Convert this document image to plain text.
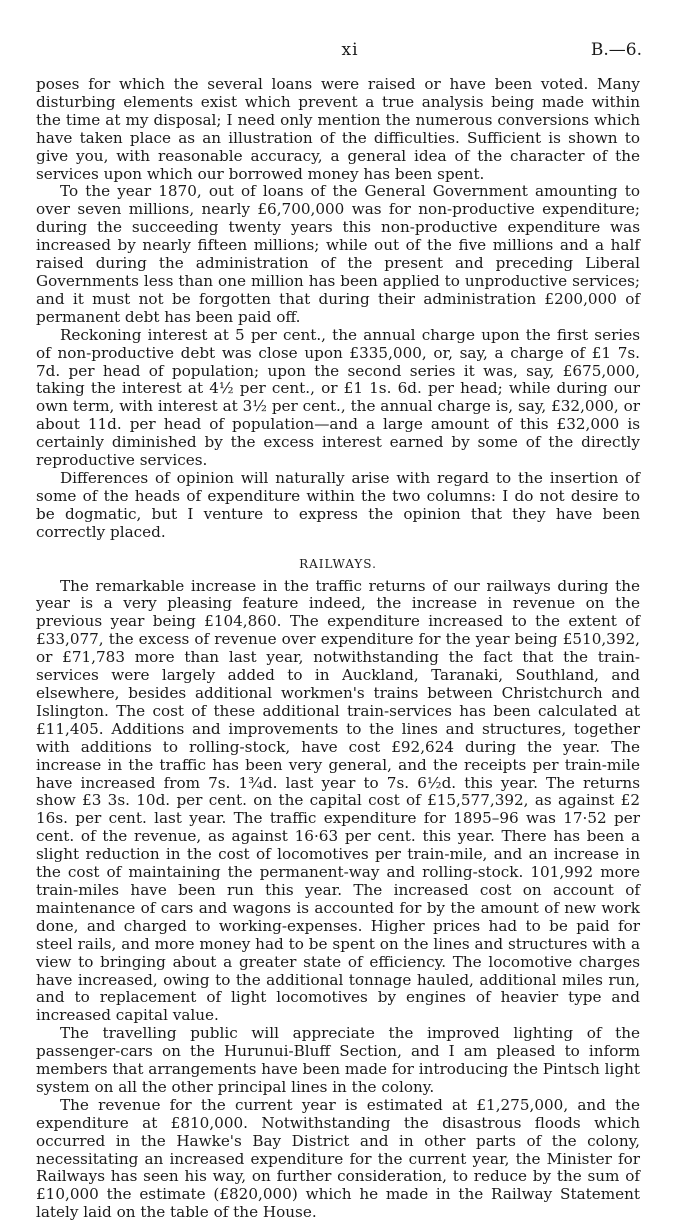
xi	B.—6.

poses for which the several loans were raised or have been voted. Many disturbing elements exist which prevent a true analysis being made within the time at my disposal; I need only mention the numerous conversions which have taken place as an illustration of the difficulties. Sufficient is shown to give you, with reasonable accuracy, a general idea of the character of the services upon which our borrowed money has been spent.

To the year 1870, out of loans of the General Government amounting to over seven millions, nearly £6,700,000 was for non-productive expenditure; during the succeeding twenty years this non-productive expenditure was increased by nearly fifteen millions; while out of the five millions and a half raised during the administration of the present and preceding Liberal Governments less than one million has been applied to unproductive services; and it must not be forgotten that during their administration £200,000 of permanent debt has been paid off.

Reckoning interest at 5 per cent., the annual charge upon the first series of non-productive debt was close upon £335,000, or, say, a charge of £1 7s. 7d. per head of population; upon the second series it was, say, £675,000, taking the interest at 4½ per cent., or £1 1s. 6d. per head; while during our own term, with interest at 3½ per cent., the annual charge is, say, £32,000, or about 11d. per head of population—and a large amount of this £32,000 is certainly diminished by the excess interest earned by some of the directly reproductive services.

Differences of opinion will naturally arise with regard to the insertion of some of the heads of expenditure within the two columns: I do not desire to be dogmatic, but I venture to express the opinion that they have been correctly placed.

RAILWAYS.

The remarkable increase in the traffic returns of our railways during the year is a very pleasing feature indeed, the increase in revenue on the previous year being £104,860. The expenditure increased to the extent of £33,077, the excess of revenue over expenditure for the year being £510,392, or £71,783 more than last year, notwithstanding the fact that the train-services were largely added to in Auckland, Taranaki, Southland, and elsewhere, besides additional workmen's trains between Christchurch and Islington. The cost of these additional train-services has been calculated at £11,405. Additions and improvements to the lines and structures, together with additions to rolling-stock, have cost £92,624 during the year. The increase in the traffic has been very general, and the receipts per train-mile have increased from 7s. 1¾d. last year to 7s. 6½d. this year. The returns show £3 3s. 10d. per cent. on the capital cost of £15,577,392, as against £2 16s. per cent. last year. The traffic expenditure for 1895–96 was 17·52 per cent. of the revenue, as against 16·63 per cent. this year. There has been a slight reduction in the cost of locomotives per train-mile, and an increase in the cost of maintaining the permanent-way and rolling-stock. 101,992 more train-miles have been run this year. The increased cost on account of maintenance of cars and wagons is accounted for by the amount of new work done, and charged to working-expenses. Higher prices had to be paid for steel rails, and more money had to be spent on the lines and structures with a view to bringing about a greater state of efficiency. The locomotive charges have increased, owing to the additional tonnage hauled, additional miles run, and to replacement of light locomotives by engines of heavier type and increased capital value.

The travelling public will appreciate the improved lighting of the passenger-cars on the Hurunui-Bluff Section, and I am pleased to inform members that arrangements have been made for introducing the Pintsch light system on all the other principal lines in the colony.

The revenue for the current year is estimated at £1,275,000, and the expenditure at £810,000. Notwithstanding the disastrous floods which occurred in the Hawke's Bay District and in other parts of the colony, necessitating an increased expenditure for the current year, the Minister for Railways has seen his way, on further consideration, to reduce by the sum of £10,000 the estimate (£820,000) which he made in the Railway Statement lately laid on the table of the House.
